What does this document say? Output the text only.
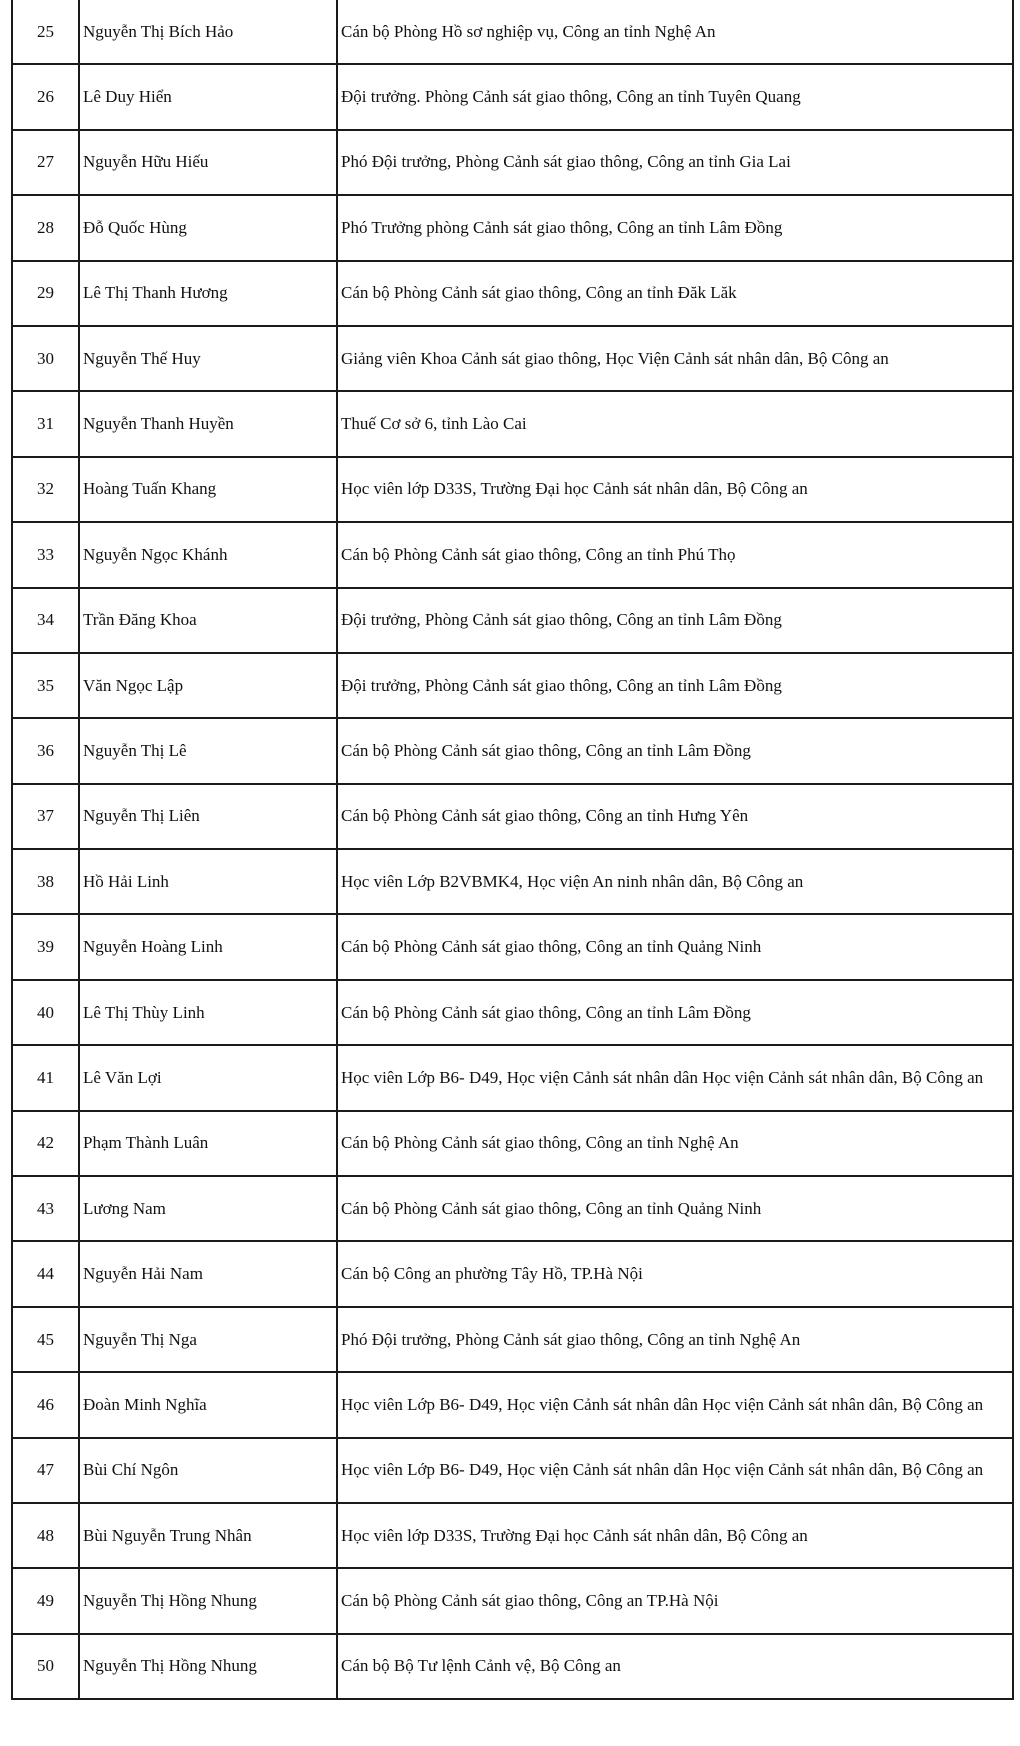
25	Nguyễn Thị Bích Hảo	Cán bộ Phòng Hồ sơ nghiệp vụ, Công an tỉnh Nghệ An
26	Lê Duy Hiển	Đội trưởng. Phòng Cảnh sát giao thông, Công an tỉnh Tuyên Quang
27	Nguyễn Hữu Hiếu	Phó Đội trưởng, Phòng Cảnh sát giao thông, Công an tỉnh Gia Lai
28	Đỗ Quốc Hùng	Phó Trưởng phòng Cảnh sát giao thông, Công an tỉnh Lâm Đồng
29	Lê Thị Thanh Hương	Cán bộ Phòng Cảnh sát giao thông, Công an tỉnh Đăk Lăk
30	Nguyễn Thế Huy	Giảng viên Khoa Cảnh sát giao thông, Học Viện Cảnh sát nhân dân, Bộ Công an
31	Nguyễn Thanh Huyền	Thuế Cơ sở 6, tỉnh Lào Cai
32	Hoàng Tuấn Khang	Học viên lớp D33S, Trường Đại học Cảnh sát nhân dân, Bộ Công an
33	Nguyễn Ngọc Khánh	Cán bộ Phòng Cảnh sát giao thông, Công an tỉnh Phú Thọ
34	Trần Đăng Khoa	Đội trưởng, Phòng Cảnh sát giao thông, Công an tỉnh Lâm Đồng
35	Văn Ngọc Lập	Đội trưởng, Phòng Cảnh sát giao thông, Công an tỉnh Lâm Đồng
36	Nguyễn Thị Lê	Cán bộ Phòng Cảnh sát giao thông, Công an tỉnh Lâm Đồng
37	Nguyễn Thị Liên	Cán bộ Phòng Cảnh sát giao thông, Công an tỉnh Hưng Yên
38	Hồ Hải Linh	Học viên Lớp B2VBMK4, Học viện An ninh nhân dân, Bộ Công an
39	Nguyễn Hoàng Linh	Cán bộ Phòng Cảnh sát giao thông, Công an tỉnh Quảng Ninh
40	Lê Thị Thùy Linh	Cán bộ Phòng Cảnh sát giao thông, Công an tỉnh Lâm Đồng
41	Lê Văn Lợi	Học viên Lớp B6- D49, Học viện Cảnh sát nhân dân Học viện Cảnh sát nhân dân, Bộ Công an
42	Phạm Thành Luân	Cán bộ Phòng Cảnh sát giao thông, Công an tỉnh Nghệ An
43	Lương Nam	Cán bộ Phòng Cảnh sát giao thông, Công an tỉnh Quảng Ninh
44	Nguyễn Hải Nam	Cán bộ Công an phường Tây Hồ, TP.Hà Nội
45	Nguyễn Thị Nga	Phó Đội trưởng, Phòng Cảnh sát giao thông, Công an tỉnh Nghệ An
46	Đoàn Minh Nghĩa	Học viên Lớp B6- D49, Học viện Cảnh sát nhân dân Học viện Cảnh sát nhân dân, Bộ Công an
47	Bùi Chí Ngôn	Học viên Lớp B6- D49, Học viện Cảnh sát nhân dân Học viện Cảnh sát nhân dân, Bộ Công an
48	Bùi Nguyễn Trung Nhân	Học viên lớp D33S, Trường Đại học Cảnh sát nhân dân, Bộ Công an
49	Nguyễn Thị Hồng Nhung	Cán bộ Phòng Cảnh sát giao thông, Công an TP.Hà Nội
50	Nguyễn Thị Hồng Nhung	Cán bộ Bộ Tư lệnh Cảnh vệ, Bộ Công an
